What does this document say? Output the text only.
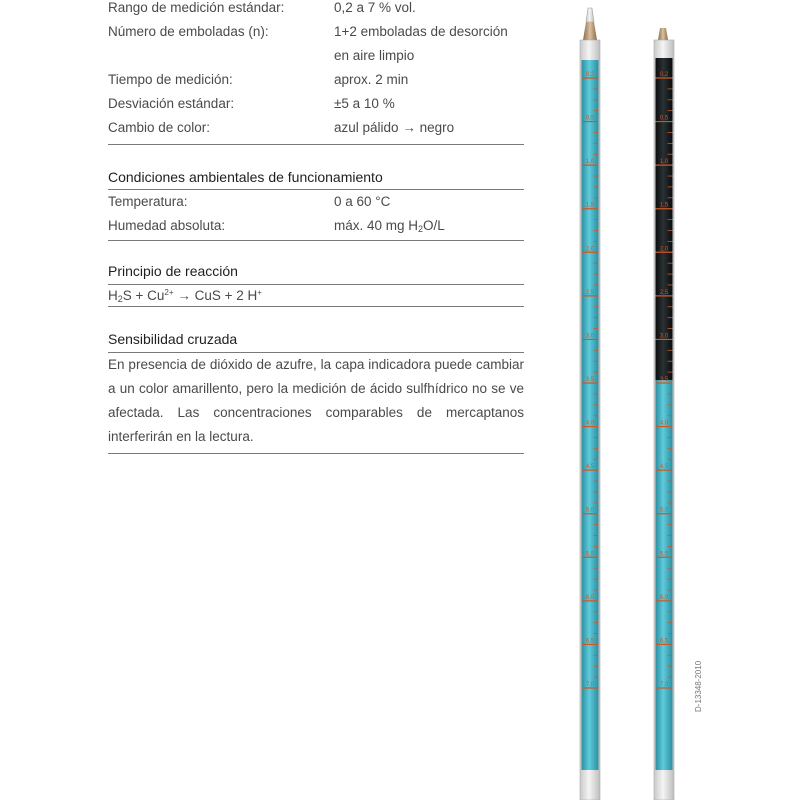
Rango de medición estándar:	0,2 a 7 % vol.
Número de emboladas (n):	1+2 emboladas de desorción
en aire limpio
Tiempo de medición:	aprox. 2 min
Desviación estándar:	±5 a 10 %
Cambio de color:	azul pálido → negro
Condiciones ambientales de funcionamiento
Temperatura:	0 a 60 °C
Humedad absoluta:	máx. 40 mg $H_2O/L$
Principio de reacción
$H_2S + Cu^{2+}$ → CuS + 2 H+
Sensibilidad cruzada
En presencia de dióxido de azufre, la capa indicadora puede cambiar a un color amarillento, pero la medición de ácido sulfhídrico no se ve afectada. Las concentraciones comparables de mercaptanos interferirán en la lectura.
0,2
0,5
1,0
1,5
2,0
2,5
3,0
3,5
4,0
4,5
5,0
5,5
6,0
6,5
7,0
0,2
0,5
1,0
1,5
2,0
2,5
3,0
3,5
4,0
4,5
5,0
5,5
6,0
6,5
7,0	D-13348-2010
